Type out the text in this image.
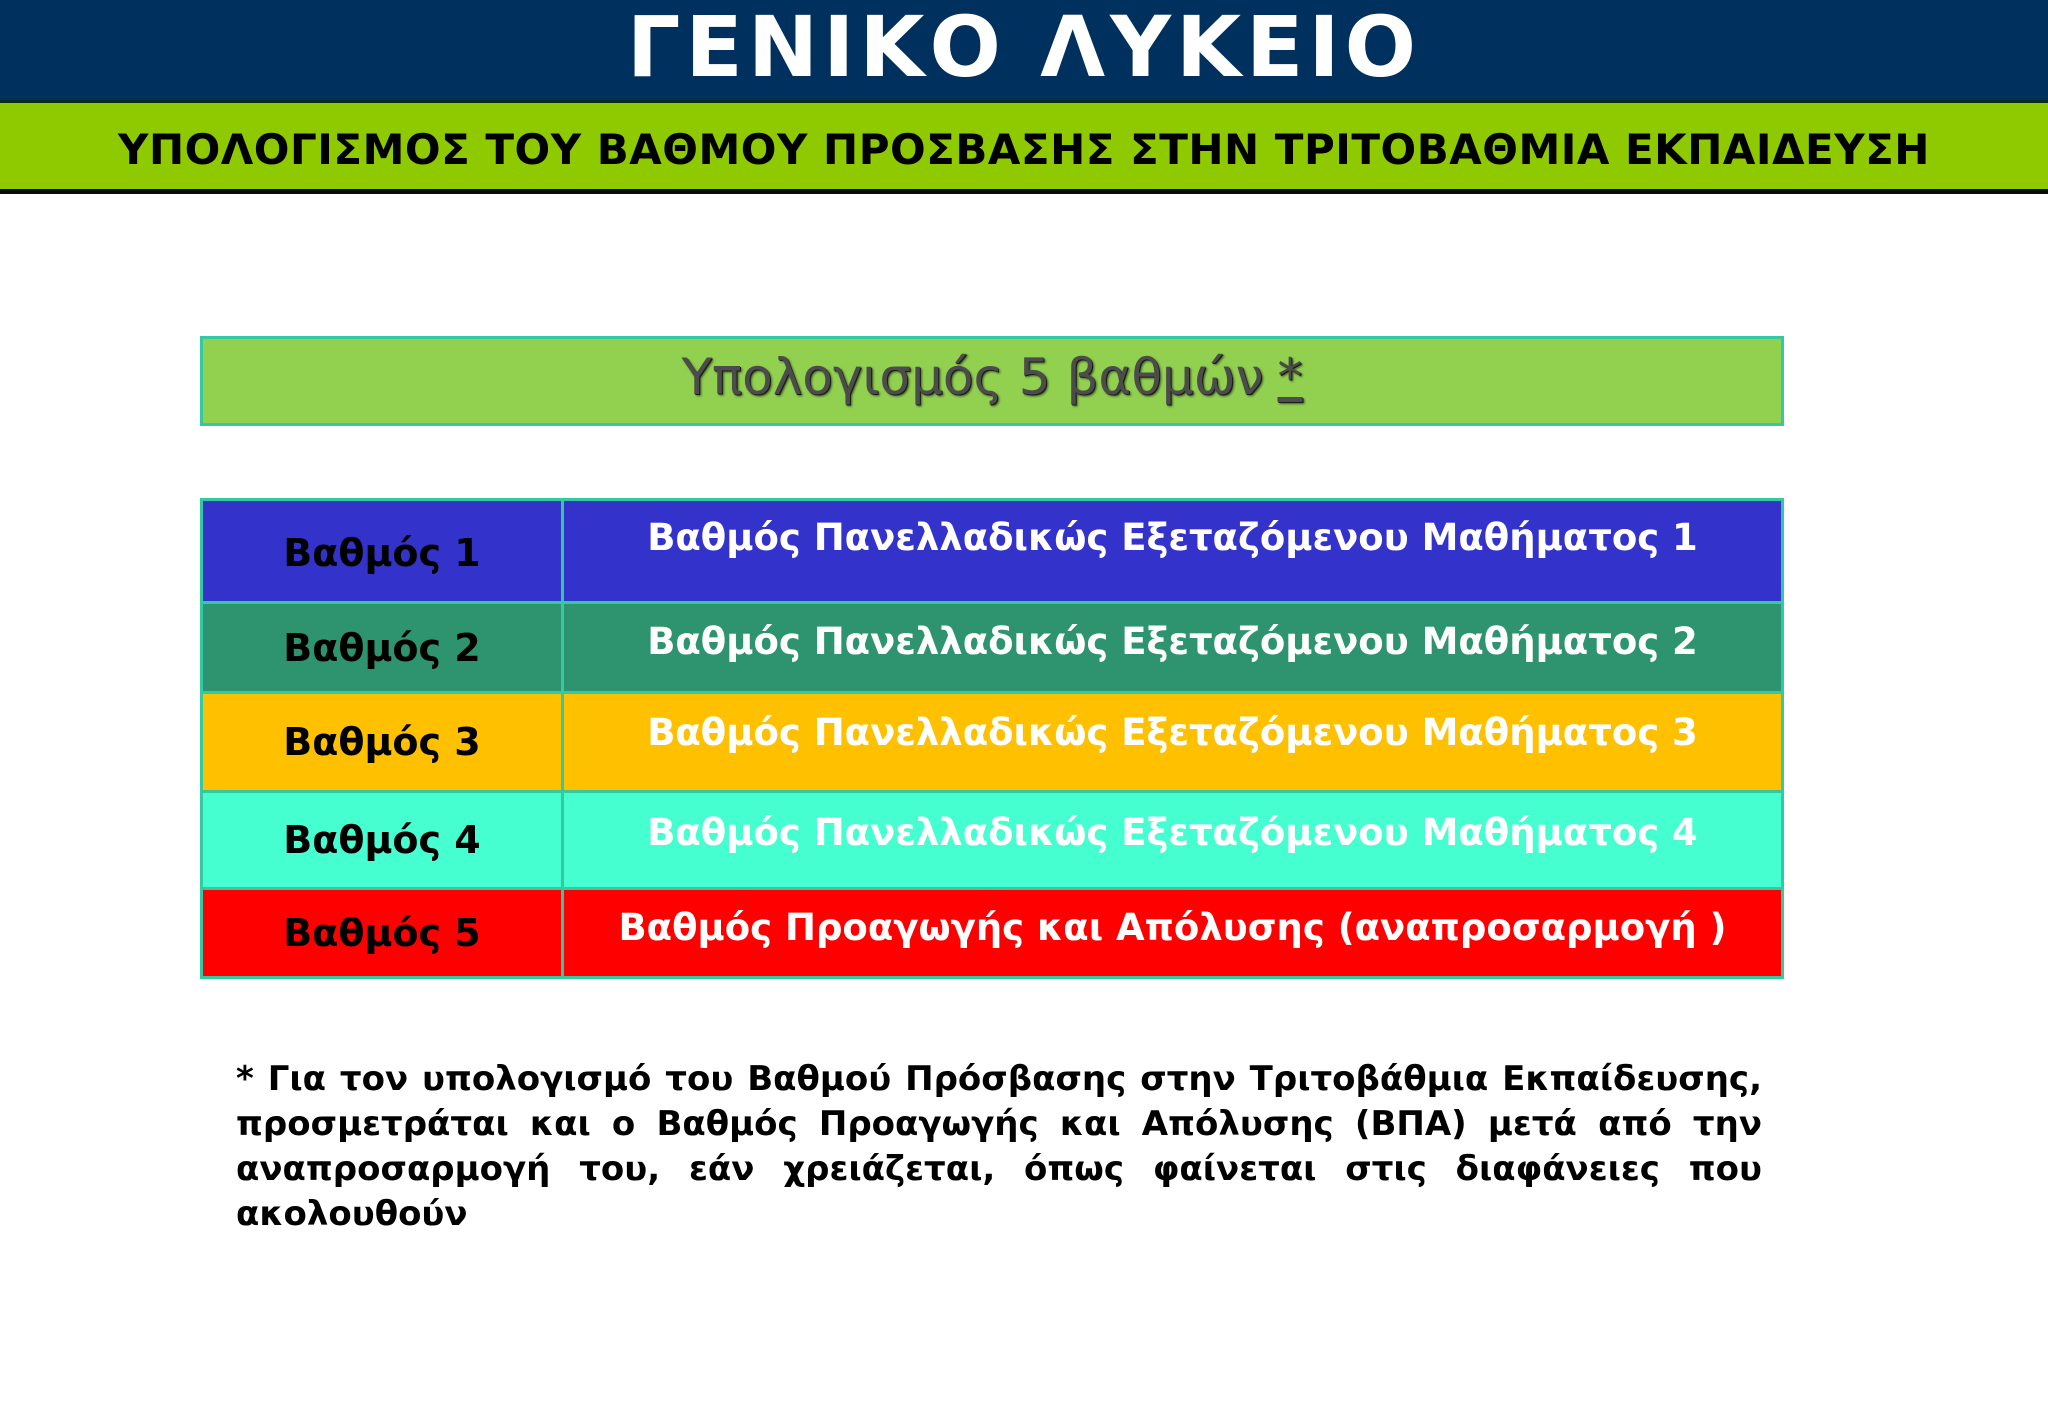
ΓΕΝΙΚΟ ΛΥΚΕΙΟ
ΥΠΟΛΟΓΙΣΜΟΣ ΤΟΥ ΒΑΘΜΟΥ ΠΡΟΣΒΑΣΗΣ ΣΤΗΝ ΤΡΙΤΟΒΑΘΜΙΑ ΕΚΠΑΙΔΕΥΣΗ
Υπολογισμός 5 βαθμών *
Βαθμός 1	Βαθμός Πανελλαδικώς Εξεταζόμενου Μαθήματος 1
Βαθμός 2	Βαθμός Πανελλαδικώς Εξεταζόμενου Μαθήματος 2
Βαθμός 3	Βαθμός Πανελλαδικώς Εξεταζόμενου Μαθήματος 3
Βαθμός 4	Βαθμός Πανελλαδικώς Εξεταζόμενου Μαθήματος 4
Βαθμός 5	Βαθμός Προαγωγής και Απόλυσης (αναπροσαρμογή )
* Για τον υπολογισμό του Βαθμού Πρόσβασης στην Τριτοβάθμια Εκπαίδευσης, προσμετράται και ο Βαθμός Προαγωγής και Απόλυσης (ΒΠΑ) μετά από την αναπροσαρμογή του, εάν χρειάζεται, όπως φαίνεται στις διαφάνειες που ακολουθούν
